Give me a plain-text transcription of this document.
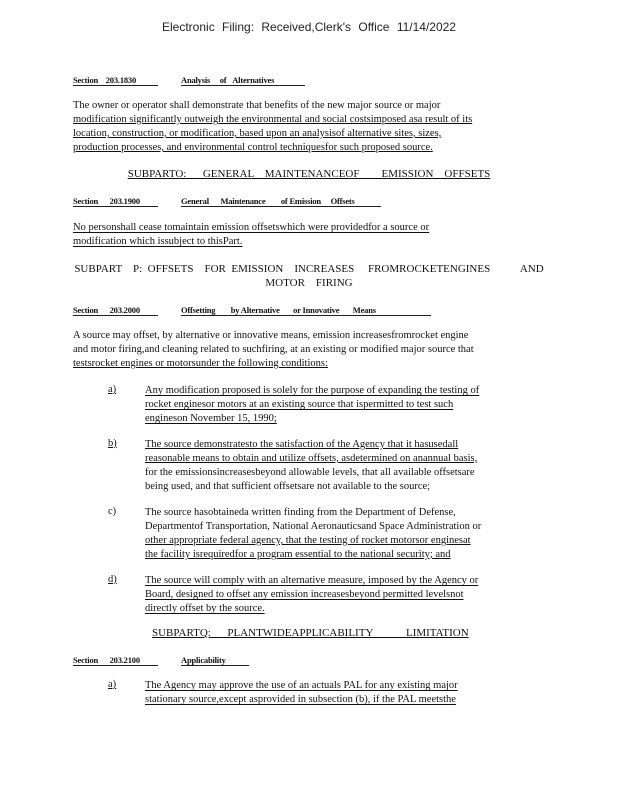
Electronic Filing: Received,Clerk's Office 11/14/2022
Section 203.1830	Analysis of Alternatives
The owner or operator shall demonstrate that benefits of the new major source or major
modification significantly outweigh the environmental and social costsimposed asa result of its
location, construction, or modification, based upon an analysisof alternative sites, sizes,
production processes, and environmental control techniquesfor such proposed source.
SUBPARTO:      GENERAL    MAINTENANCEOF        EMISSION    OFFSETS
Section 203.1900	General Maintenance of Emission Offsets
No personshall cease tomaintain emission offsetswhich were providedfor a source or
modification which issubject to thisPart.
SUBPART    P:  OFFSETS    FOR  EMISSION    INCREASES     FROMROCKETENGINES           AND
MOTOR    FIRING
Section 203.2000	Offsetting by Alternative or Innovative Means
A source may offset, by alternative or innovative means, emission increasesfromrocket engine
and motor firing,and cleaning related to suchfiring, at an existing or modified major source that
testsrocket engines or motorsunder the following conditions:
a)	Any modification proposed is solely for the purpose of expanding the testing of
rocket enginesor motors at an existing source that ispermitted to test such
engineson November 15, 1990;
b)	The source demonstratesto the satisfaction of the Agency that it hasusedall
reasonable means to obtain and utilize offsets, asdetermined on anannual basis,
for the emissionsincreasesbeyond allowable levels, that all available offsetsare
being used, and that sufficient offsetsare not available to the source;
c)	The source hasobtaineda written finding from the Department of Defense,
Departmentof Transportation, National Aeronauticsand Space Administration or
other appropriate federal agency, that the testing of rocket motorsor enginesat
the facility isrequiredfor a program essential to the national security; and
d)	The source will comply with an alternative measure, imposed by the Agency or
Board, designed to offset any emission increasesbeyond permitted levelsnot
directly offset by the source.
SUBPARTQ:      PLANTWIDEAPPLICABILITY            LIMITATION
Section 203.2100	Applicability
a)	The Agency may approve the use of an actuals PAL for any existing major
stationary source,except asprovided in subsection (b), if the PAL meetsthe
